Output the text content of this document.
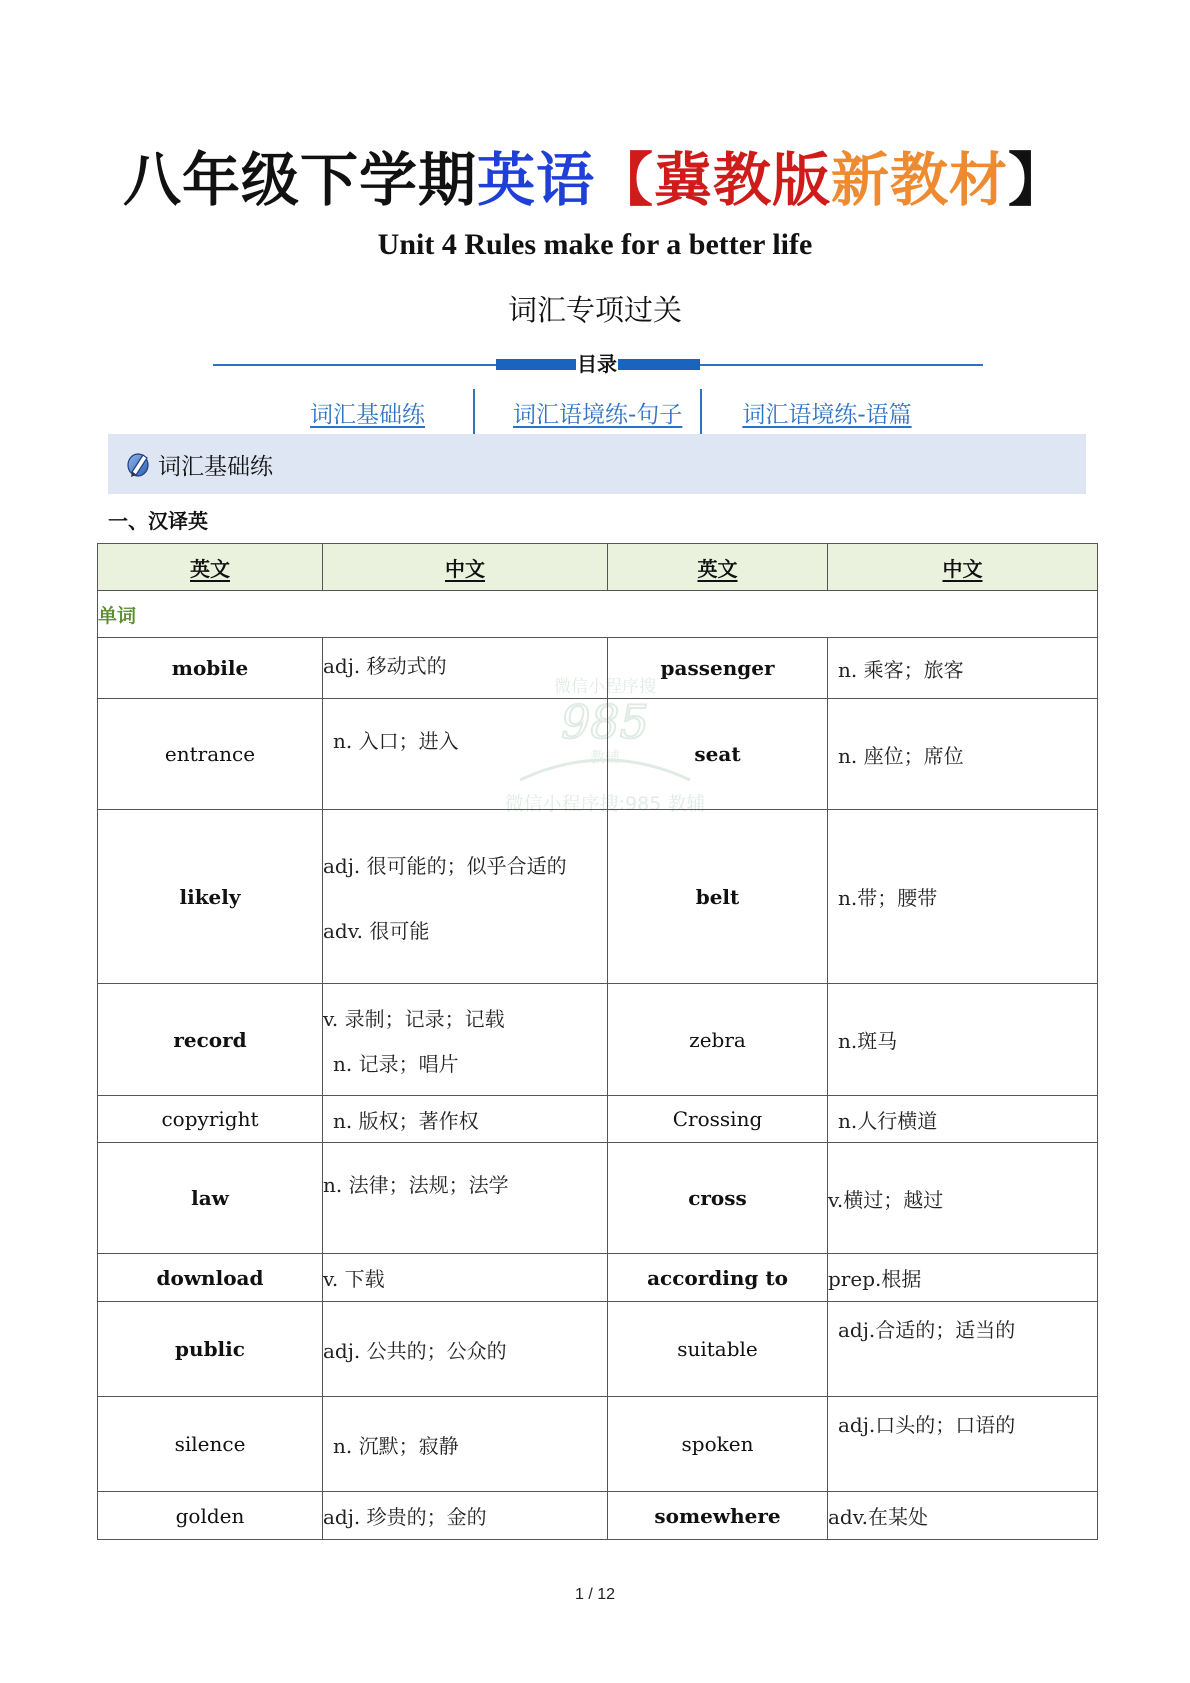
八年级下学期英语【冀教版新教材】
Unit 4 Rules make for a better life
词汇专项过关
目录
词汇基础练	词汇语境练-句子	词汇语境练-语篇
词汇基础练
一、汉译英
微信小程序搜
985
教辅
微信小程序搜:985 教辅
英文	中文	英文	中文
单词			
mobile	adj. 移动式的	passenger	n. 乘客；旅客

entrance	n. 入口；进入	seat	n. 座位；席位

likely	adj. 很可能的；似乎合适的
adv. 很可能	belt	n.带；腰带

record	v. 录制；记录；记载
n. 记录；唱片	zebra	n.斑马

copyright	n. 版权；著作权	Crossing	n.人行横道

law	n. 法律；法规；法学	cross	v.横过；越过

download	v. 下载	according to	prep.根据

public	adj. 公共的；公众的	suitable	adj.合适的；适当的

silence	n. 沉默；寂静	spoken	adj.口头的；口语的

golden	adj. 珍贵的；金的	somewhere	adv.在某处
1 / 12
